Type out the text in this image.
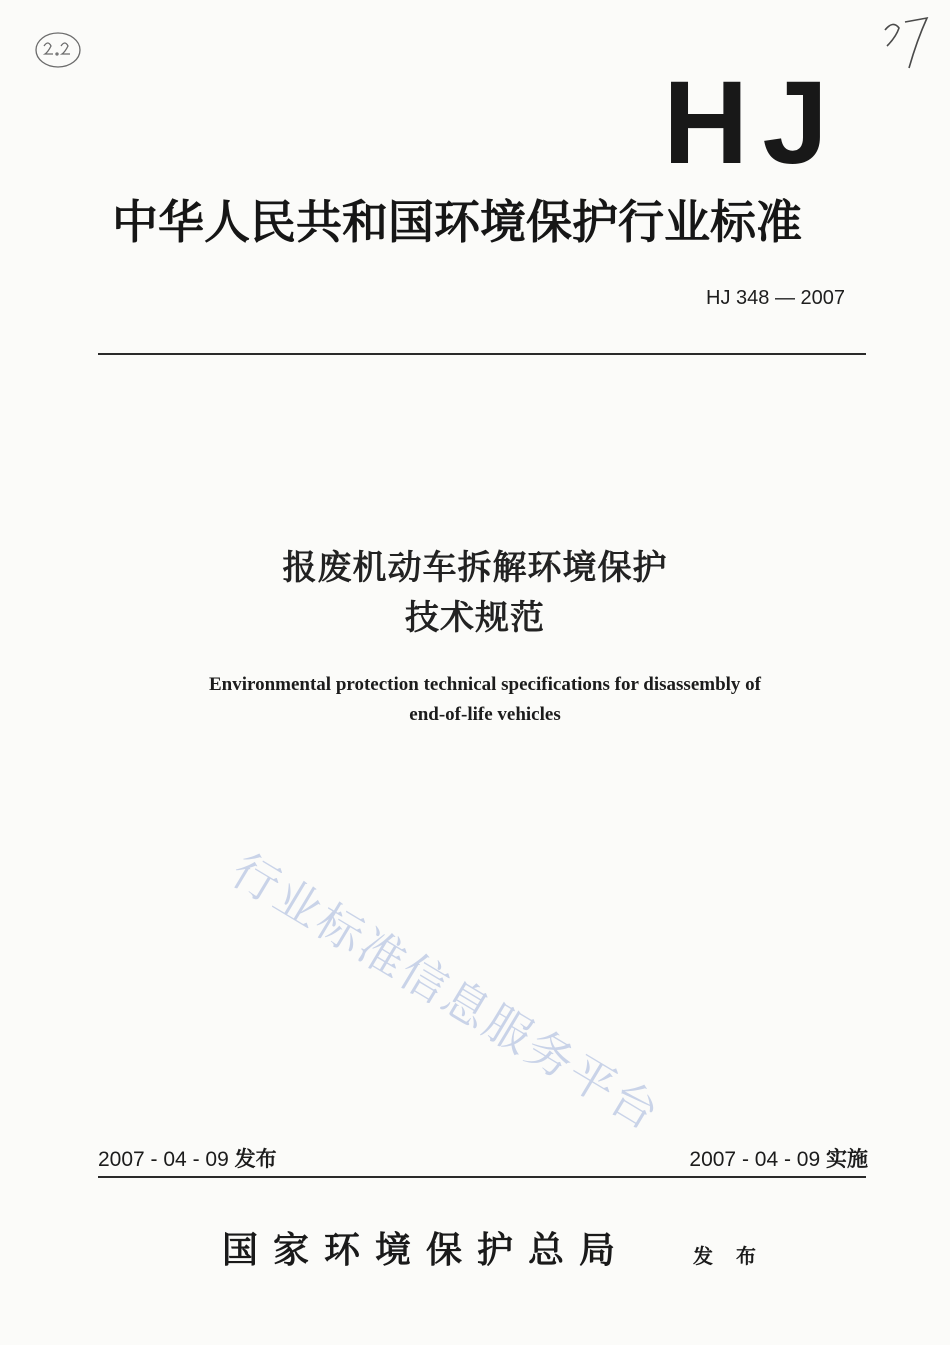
HJ
中华人民共和国环境保护行业标准
HJ 348 — 2007
报废机动车拆解环境保护
技术规范
Environmental protection technical specifications for disassembly of
end-of-life vehicles
行业标准信息服务平台
2007 - 04 - 09 发布	2007 - 04 - 09 实施
国家环境保护总局	发 布
